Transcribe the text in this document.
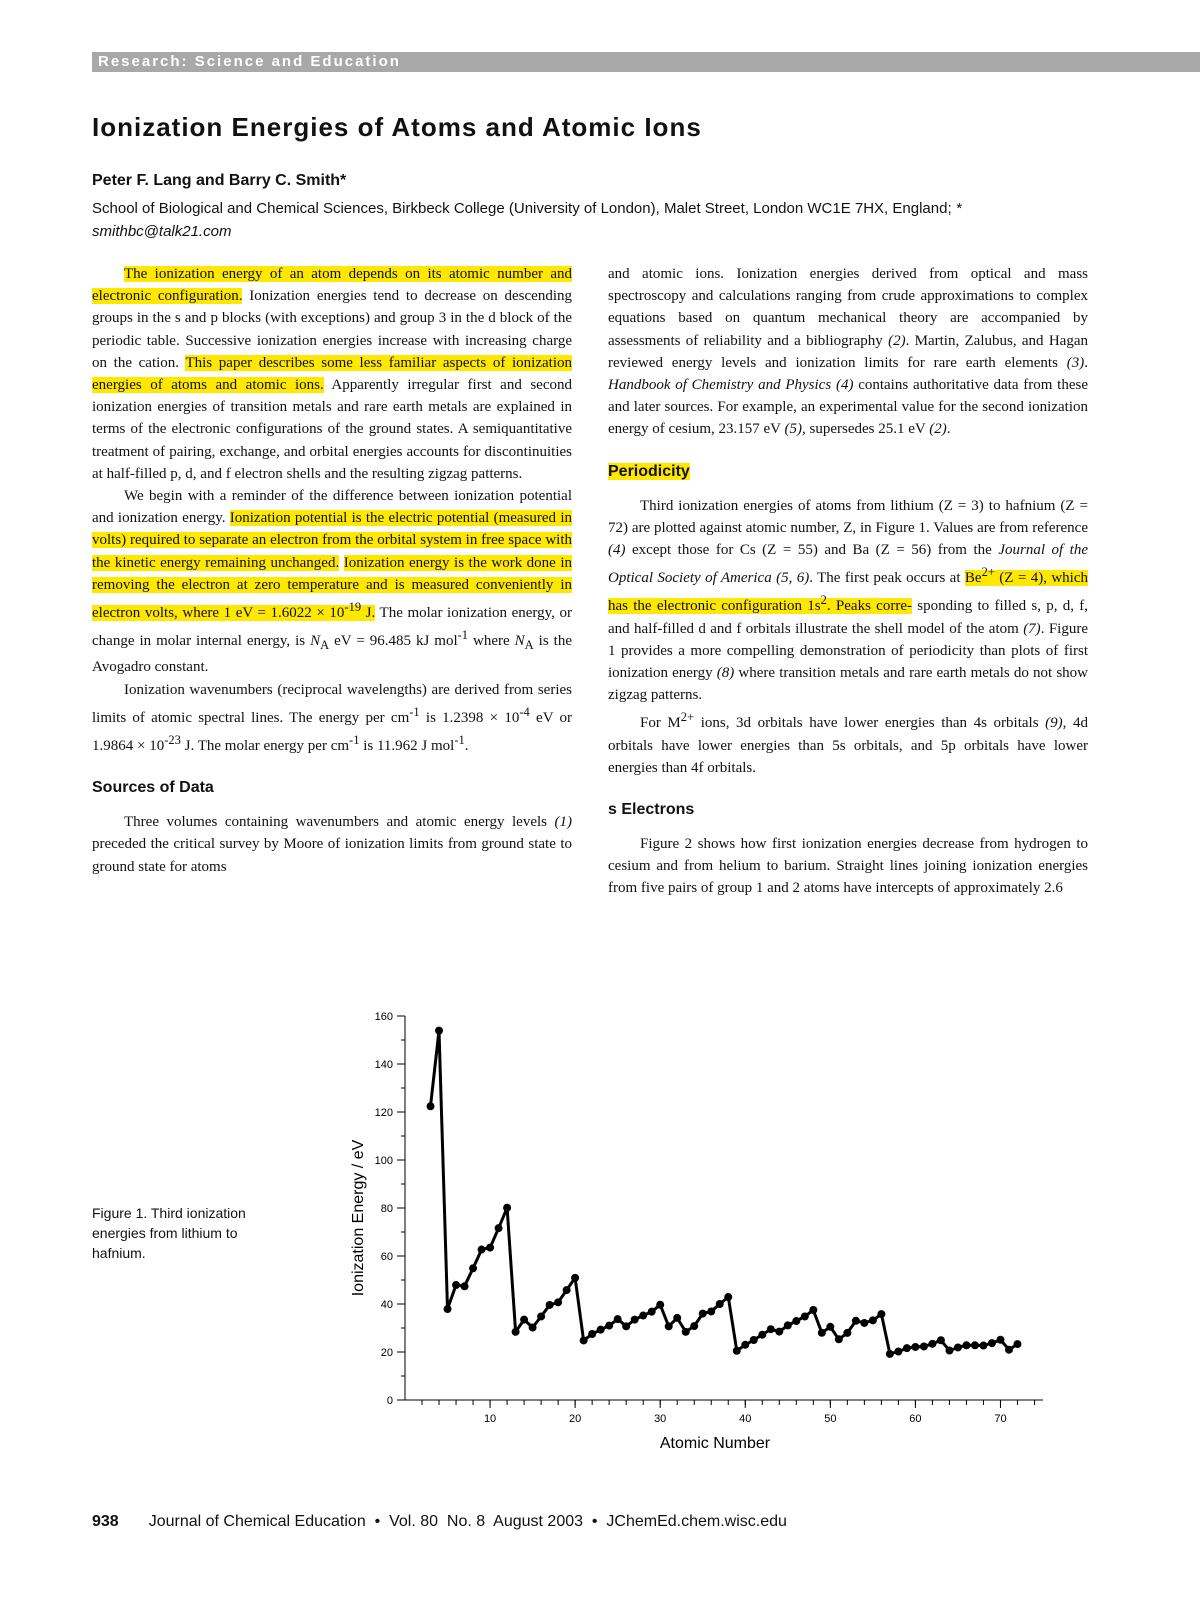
Research: Science and Education
Ionization Energies of Atoms and Atomic Ions

Peter F. Lang and Barry C. Smith*

School of Biological and Chemical Sciences, Birkbeck College (University of London), Malet Street, London WC1E 7HX, England; * smithbc@talk21.com

The ionization energy of an atom depends on its atomic number and electronic configuration. Ionization energies tend to decrease on descending groups in the s and p blocks (with exceptions) and group 3 in the d block of the periodic table. Successive ionization energies increase with increasing charge on the cation. This paper describes some less familiar aspects of ionization energies of atoms and atomic ions. Apparently irregular first and second ionization energies of transition metals and rare earth metals are explained in terms of the electronic configurations of the ground states. A semiquantitative treatment of pairing, exchange, and orbital energies accounts for discontinuities at half-filled p, d, and f electron shells and the resulting zigzag patterns.

We begin with a reminder of the difference between ionization potential and ionization energy. Ionization potential is the electric potential (measured in volts) required to separate an electron from the orbital system in free space with the kinetic energy remaining unchanged. Ionization energy is the work done in removing the electron at zero temperature and is measured conveniently in electron volts, where 1 eV = $1.6022 \times 10^{-19}$ J. The molar ionization energy, or change in molar internal energy, is $N_A$ eV = 96.485 kJ mol$^{-1}$ where $N_A$ is the Avogadro constant.

Ionization wavenumbers (reciprocal wavelengths) are derived from series limits of atomic spectral lines. The energy per $cm^{-1}$ is $1.2398 \times 10^{-4}$ eV or $1.9864 \times 10^{-23}$ J. The molar energy per $cm^{-1}$ is 11.962 J mol$^{-1}$.

Sources of Data

Three volumes containing wavenumbers and atomic energy levels (1) preceded the critical survey by Moore of ionization limits from ground state to ground state for atoms

and atomic ions. Ionization energies derived from optical and mass spectroscopy and calculations ranging from crude approximations to complex equations based on quantum mechanical theory are accompanied by assessments of reliability and a bibliography (2). Martin, Zalubus, and Hagan reviewed energy levels and ionization limits for rare earth elements (3). Handbook of Chemistry and Physics (4) contains authoritative data from these and later sources. For example, an experimental value for the second ionization energy of cesium, 23.157 eV (5), supersedes 25.1 eV (2).

Periodicity

Third ionization energies of atoms from lithium (Z = 3) to hafnium (Z = 72) are plotted against atomic number, Z, in Figure 1. Values are from reference (4) except those for Cs (Z = 55) and Ba (Z = 56) from the Journal of the Optical Society of America (5, 6). The first peak occurs at $Be^{2+}$ (Z = 4), which has the electronic configuration $1s^2$. Peaks corre- sponding to filled s, p, d, f, and half-filled d and f orbitals illustrate the shell model of the atom (7). Figure 1 provides a more compelling demonstration of periodicity than plots of first ionization energy (8) where transition metals and rare earth metals do not show zigzag patterns.

For $M^{2+}$ ions, 3d orbitals have lower energies than 4s orbitals (9), 4d orbitals have lower energies than 5s orbitals, and 5p orbitals have lower energies than 4f orbitals.

s Electrons

Figure 2 shows how first ionization energies decrease from hydrogen to cesium and from helium to barium. Straight lines joining ionization energies from five pairs of group 1 and 2 atoms have intercepts of approximately 2.6

Figure 1. Third ionization energies from lithium to hafnium.

10	20	30	40	50	60	70
0
20
40
60
80
100
120
140
160
Atomic Number
Ionization Energy / eV
938 Journal of Chemical Education  •  Vol. 80  No. 8  August 2003  •  JChemEd.chem.wisc.edu
